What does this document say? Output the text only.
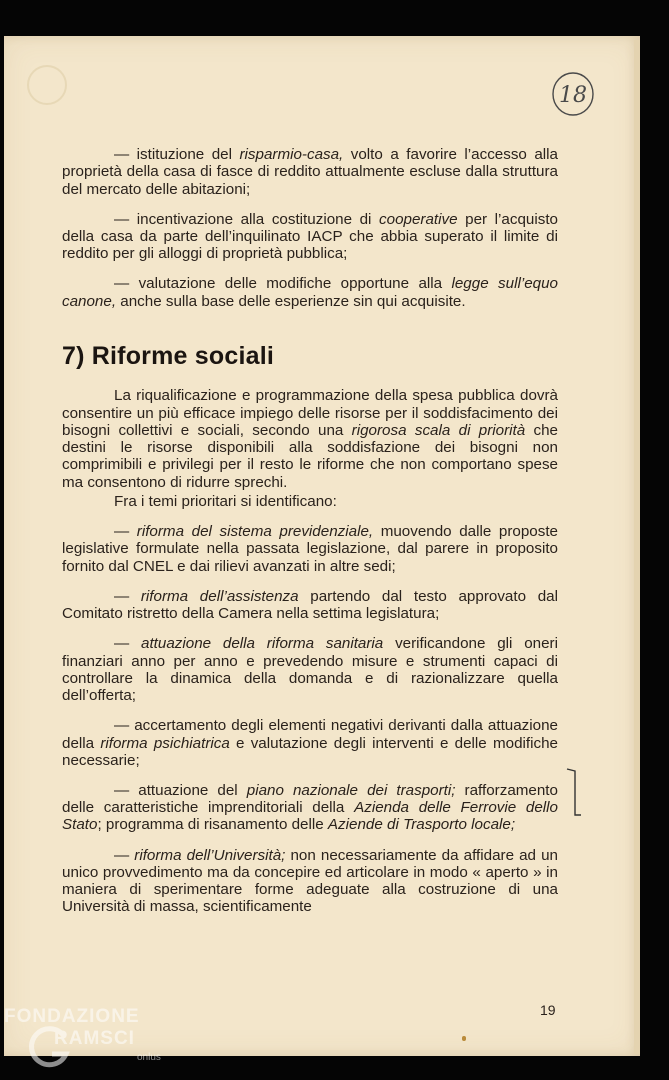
18

— istituzione del risparmio-casa, volto a favorire l’accesso alla proprietà della casa di fasce di reddito attualmente escluse dalla struttura del mercato delle abitazioni;

— incentivazione alla costituzione di cooperative per l’acquisto della casa da parte dell’inquilinato IACP che abbia superato il limite di reddito per gli alloggi di proprietà pubblica;

— valutazione delle modifiche opportune alla legge sull’equo canone, anche sulla base delle esperienze sin qui acquisite.

7) Riforme sociali

La riqualificazione e programmazione della spesa pubblica dovrà consentire un più efficace impiego delle risorse per il soddisfacimento dei bisogni collettivi e sociali, secondo una rigorosa scala di priorità che destini le risorse disponibili alla soddisfazione dei bisogni non comprimibili e privilegi per il resto le riforme che non comportano spese ma consentono di ridurre sprechi.

Fra i temi prioritari si identificano:

— riforma del sistema previdenziale, muovendo dalle proposte legislative formulate nella passata legislazione, dal parere in proposito fornito dal CNEL e dai rilievi avanzati in altre sedi;

— riforma dell’assistenza partendo dal testo approvato dal Comitato ristretto della Camera nella settima legislatura;

— attuazione della riforma sanitaria verificandone gli oneri finanziari anno per anno e prevedendo misure e strumenti capaci di controllare la dinamica della domanda e di razionalizzare quella dell’offerta;

— accertamento degli elementi negativi derivanti dalla attuazione della riforma psichiatrica e valutazione degli interventi e delle modifiche necessarie;

— attuazione del piano nazionale dei trasporti; rafforzamento delle caratteristiche imprenditoriali della Azienda delle Ferrovie dello Stato; programma di risanamento delle Aziende di Trasporto locale;

— riforma dell’Università; non necessariamente da affidare ad un unico provvedimento ma da concepire ed articolare in modo « aperto » in maniera di sperimentare forme adeguate alla costruzione di una Università di massa, scientificamente

19
FONDAZIONE
RAMSCI
onlus
